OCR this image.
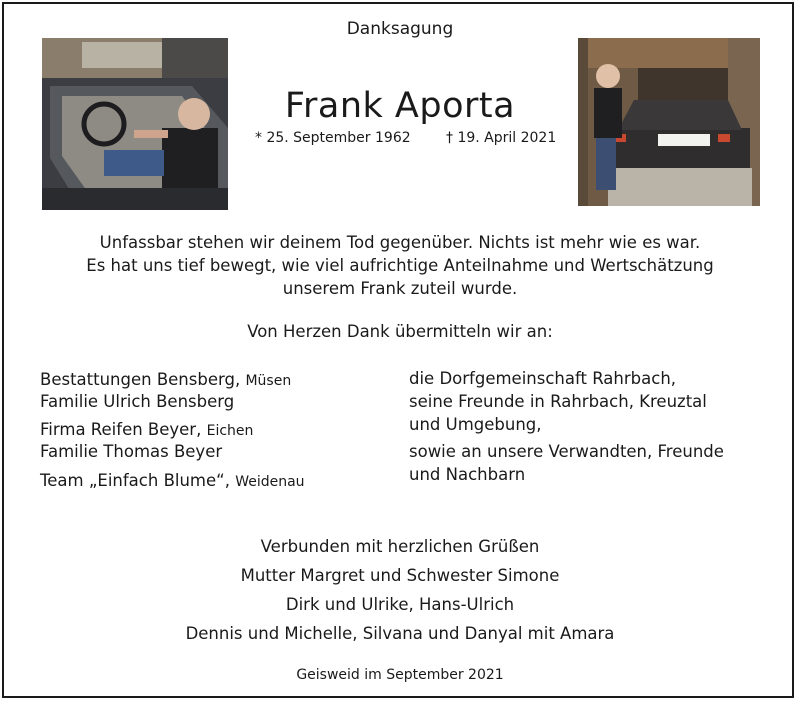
Danksagung
Frank Aporta
* 25. September 1962	† 19. April 2021
Unfassbar stehen wir deinem Tod gegenüber. Nichts ist mehr wie es war.
Es hat uns tief bewegt, wie viel aufrichtige Anteilnahme und Wertschätzung
unserem Frank zuteil wurde.
Von Herzen Dank übermitteln wir an:
Bestattungen Bensberg, Müsen
Familie Ulrich Bensberg
Firma Reifen Beyer, Eichen
Familie Thomas Beyer
Team „Einfach Blume“, Weidenau
die Dorfgemeinschaft Rahrbach,
seine Freunde in Rahrbach, Kreuztal
und Umgebung,
sowie an unsere Verwandten, Freunde
und Nachbarn
Verbunden mit herzlichen Grüßen
Mutter Margret und Schwester Simone
Dirk und Ulrike, Hans-Ulrich
Dennis und Michelle, Silvana und Danyal mit Amara
Geisweid im September 2021
